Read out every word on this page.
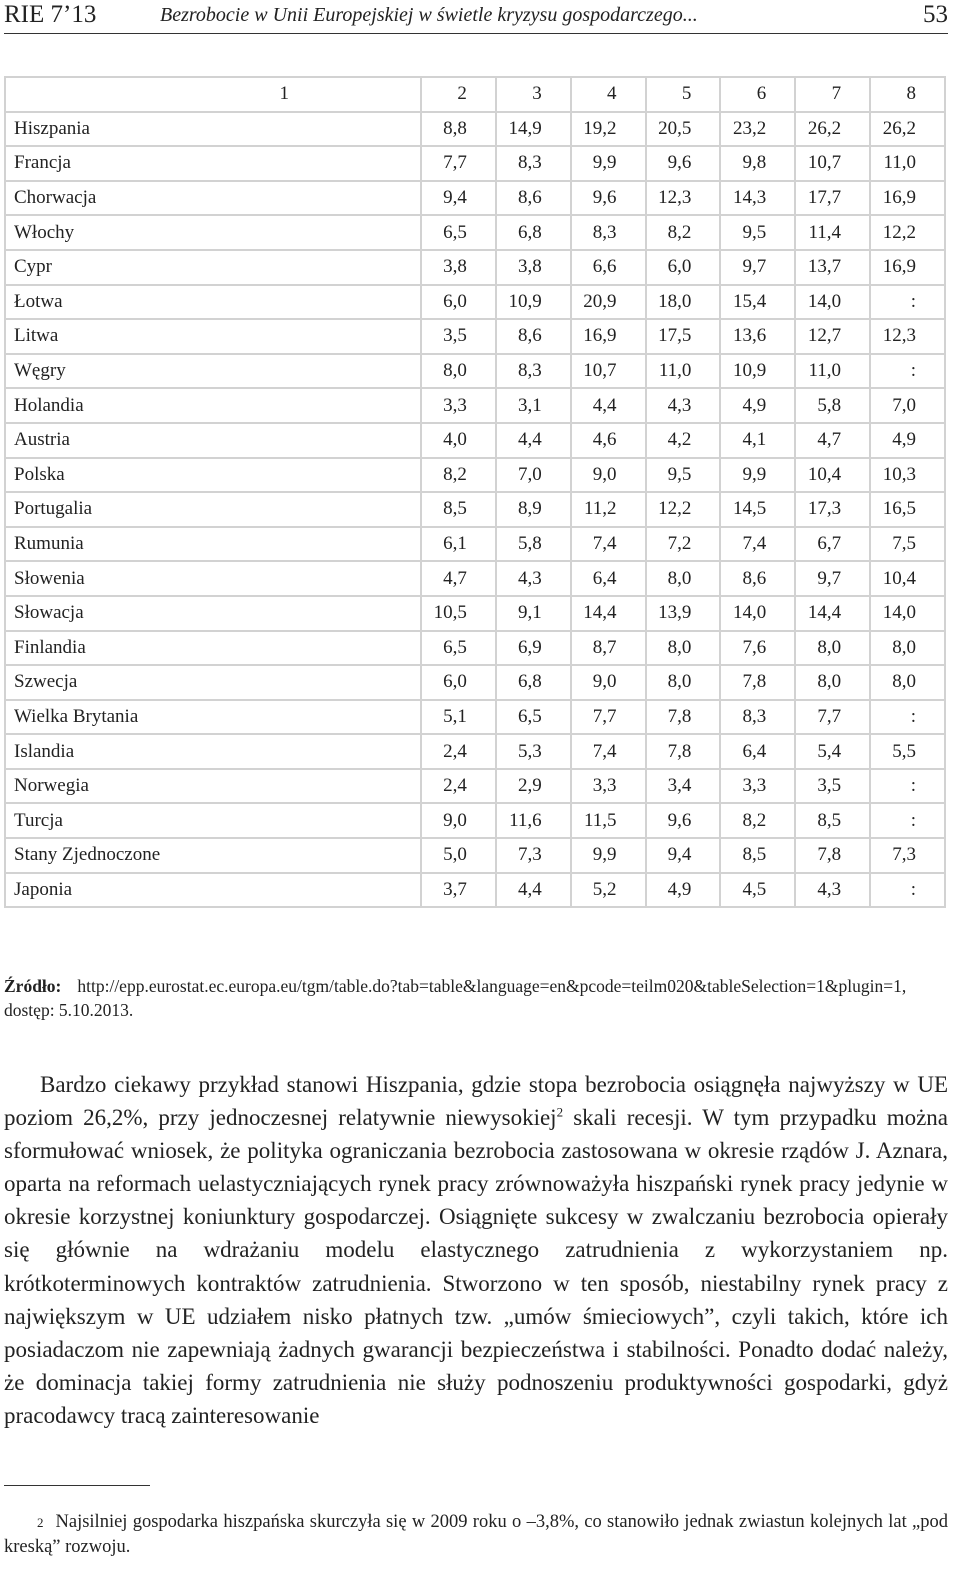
RIE 7’13	Bezrobocie w Unii Europejskiej w świetle kryzysu gospodarczego...	53
1	2	3	4	5	6	7	8
Hiszpania	8,8	14,9	19,2	20,5	23,2	26,2	26,2
Francja	7,7	8,3	9,9	9,6	9,8	10,7	11,0
Chorwacja	9,4	8,6	9,6	12,3	14,3	17,7	16,9
Włochy	6,5	6,8	8,3	8,2	9,5	11,4	12,2
Cypr	3,8	3,8	6,6	6,0	9,7	13,7	16,9
Łotwa	6,0	10,9	20,9	18,0	15,4	14,0	:
Litwa	3,5	8,6	16,9	17,5	13,6	12,7	12,3
Węgry	8,0	8,3	10,7	11,0	10,9	11,0	:
Holandia	3,3	3,1	4,4	4,3	4,9	5,8	7,0
Austria	4,0	4,4	4,6	4,2	4,1	4,7	4,9
Polska	8,2	7,0	9,0	9,5	9,9	10,4	10,3
Portugalia	8,5	8,9	11,2	12,2	14,5	17,3	16,5
Rumunia	6,1	5,8	7,4	7,2	7,4	6,7	7,5
Słowenia	4,7	4,3	6,4	8,0	8,6	9,7	10,4
Słowacja	10,5	9,1	14,4	13,9	14,0	14,4	14,0
Finlandia	6,5	6,9	8,7	8,0	7,6	8,0	8,0
Szwecja	6,0	6,8	9,0	8,0	7,8	8,0	8,0
Wielka Brytania	5,1	6,5	7,7	7,8	8,3	7,7	:
Islandia	2,4	5,3	7,4	7,8	6,4	5,4	5,5
Norwegia	2,4	2,9	3,3	3,4	3,3	3,5	:
Turcja	9,0	11,6	11,5	9,6	8,2	8,5	:
Stany Zjednoczone	5,0	7,3	9,9	9,4	8,5	7,8	7,3
Japonia	3,7	4,4	5,2	4,9	4,5	4,3	:
Źródło: http://epp.eurostat.ec.europa.eu/tgm/table.do?tab=table&language=en&pcode=teilm020&tableSelection=1&plugin=1, dostęp: 5.10.2013.
Bardzo ciekawy przykład stanowi Hiszpania, gdzie stopa bezrobocia osiągnęła najwyższy w UE poziom 26,2%, przy jednoczesnej relatywnie niewysokiej$^2$ skali recesji. W tym przypadku można sformułować wniosek, że polityka ograniczania bezrobocia zastosowana w okresie rządów J. Aznara, oparta na reformach uelastyczniających rynek pracy zrównoważyła hiszpański rynek pracy jedynie w okresie korzystnej koniunktury gospodarczej. Osiągnięte sukcesy w zwalczaniu bezrobocia opierały się głównie na wdrażaniu modelu elastycznego zatrudnienia z wykorzystaniem np. krótkoterminowych kontraktów zatrudnienia. Stworzono w ten sposób, niestabilny rynek pracy z największym w UE udziałem nisko płatnych tzw. „umów śmieciowych”, czyli takich, które ich posiadaczom nie zapewniają żadnych gwarancji bezpieczeństwa i stabilności. Ponadto dodać należy, że dominacja takiej formy zatrudnienia nie służy podnoszeniu produktywności gospodarki, gdyż pracodawcy tracą zainteresowanie
$^2$ Najsilniej gospodarka hiszpańska skurczyła się w 2009 roku o –3,8%, co stanowiło jednak zwiastun kolejnych lat „pod kreską” rozwoju.
